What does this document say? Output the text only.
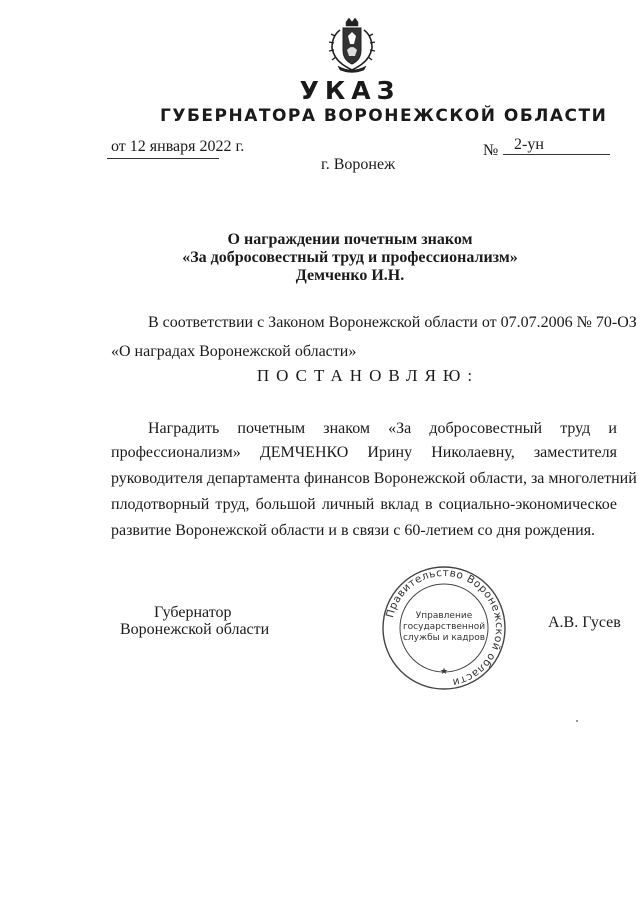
УКАЗ
ГУБЕРНАТОРА ВОРОНЕЖСКОЙ ОБЛАСТИ
от 12 января 2022 г.	№ 2-ун
г. Воронеж
О награждении почетным знаком
«За добросовестный труд и профессионализм»
Демченко И.Н.
В соответствии с Законом Воронежской области от 07.07.2006 № 70-ОЗ
«О наградах Воронежской области»
ПОСТАНОВЛЯЮ:
Наградить почетным знаком «За добросовестный труд и
профессионализм» ДЕМЧЕНКО Ирину Николаевну, заместителя
руководителя департамента финансов Воронежской области, за многолетний
плодотворный труд, большой личный вклад в социально-экономическое
развитие Воронежской области и в связи с 60-летием со дня рождения.
Губернатор
Воронежской области	А.В. Гусев
Правительство Воронежской области
★
Управление
государственной
службы и кадров
